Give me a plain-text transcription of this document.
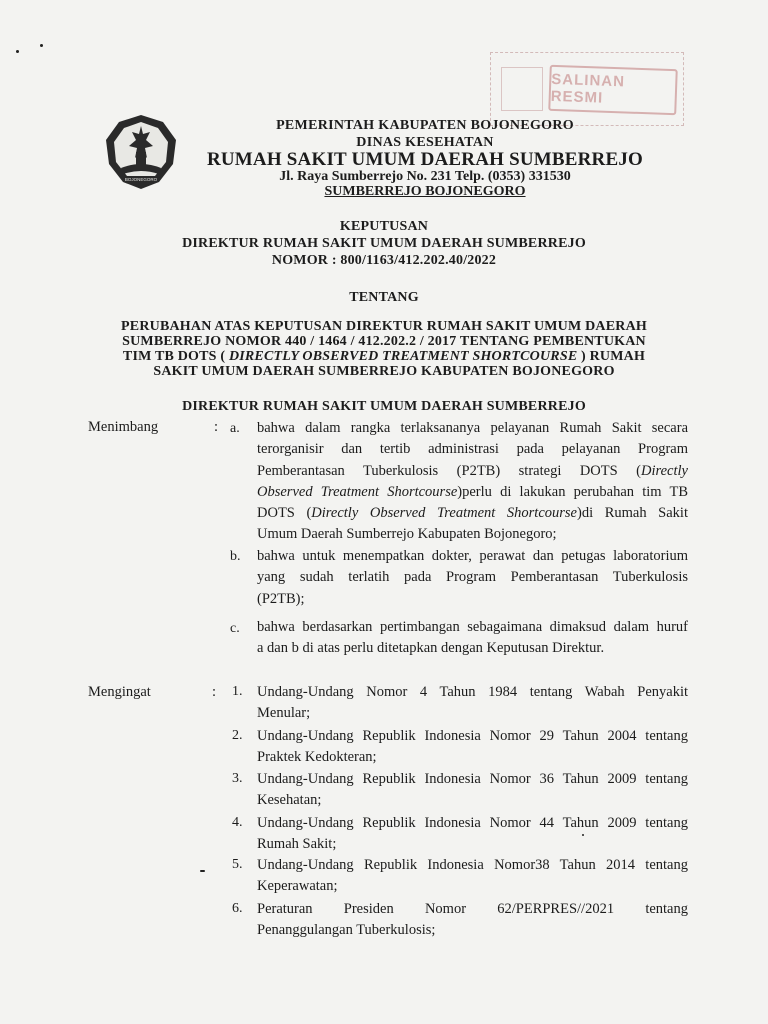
SALINAN RESMI
BOJONEGORO
PEMERINTAH KABUPATEN BOJONEGORO
DINAS KESEHATAN
RUMAH SAKIT UMUM DAERAH SUMBERREJO
Jl. Raya Sumberrejo No. 231 Telp. (0353) 331530
SUMBERREJO BOJONEGORO
KEPUTUSAN
DIREKTUR RUMAH SAKIT UMUM DAERAH SUMBERREJO
NOMOR : 800/1163/412.202.40/2022
TENTANG
PERUBAHAN ATAS KEPUTUSAN DIREKTUR RUMAH SAKIT UMUM DAERAH
SUMBERREJO NOMOR 440 / 1464 / 412.202.2 / 2017 TENTANG PEMBENTUKAN
TIM TB DOTS ( DIRECTLY OBSERVED TREATMENT SHORTCOURSE ) RUMAH
SAKIT UMUM DAERAH SUMBERREJO KABUPATEN BOJONEGORO
DIREKTUR RUMAH SAKIT UMUM DAERAH SUMBERREJO
Menimbang	: a. bahwa dalam rangka terlaksananya pelayanan Rumah Sakit secara
terorganisir dan tertib administrasi pada pelayanan Program
Pemberantasan Tuberkulosis (P2TB) strategi DOTS (Directly
Observed Treatment Shortcourse)perlu di lakukan perubahan tim TB
DOTS (Directly Observed Treatment Shortcourse)di Rumah Sakit
Umum Daerah Sumberrejo Kabupaten Bojonegoro;
b. bahwa untuk menempatkan dokter, perawat dan petugas laboratorium
yang sudah terlatih pada Program Pemberantasan Tuberkulosis
(P2TB);
c. bahwa berdasarkan pertimbangan sebagaimana dimaksud dalam huruf
a dan b di atas perlu ditetapkan dengan Keputusan Direktur.
Mengingat	: 1. Undang-Undang Nomor 4 Tahun 1984 tentang Wabah Penyakit
Menular;
2. Undang-Undang Republik Indonesia Nomor 29 Tahun 2004 tentang
Praktek Kedokteran;
3. Undang-Undang Republik Indonesia Nomor 36 Tahun 2009 tentang
Kesehatan;
4. Undang-Undang Republik Indonesia Nomor 44 Tahun 2009 tentang
Rumah Sakit;
5. Undang-Undang Republik Indonesia Nomor38 Tahun 2014 tentang
Keperawatan;
6. Peraturan Presiden Nomor 62/PERPRES//2021 tentang
Penanggulangan Tuberkulosis;
